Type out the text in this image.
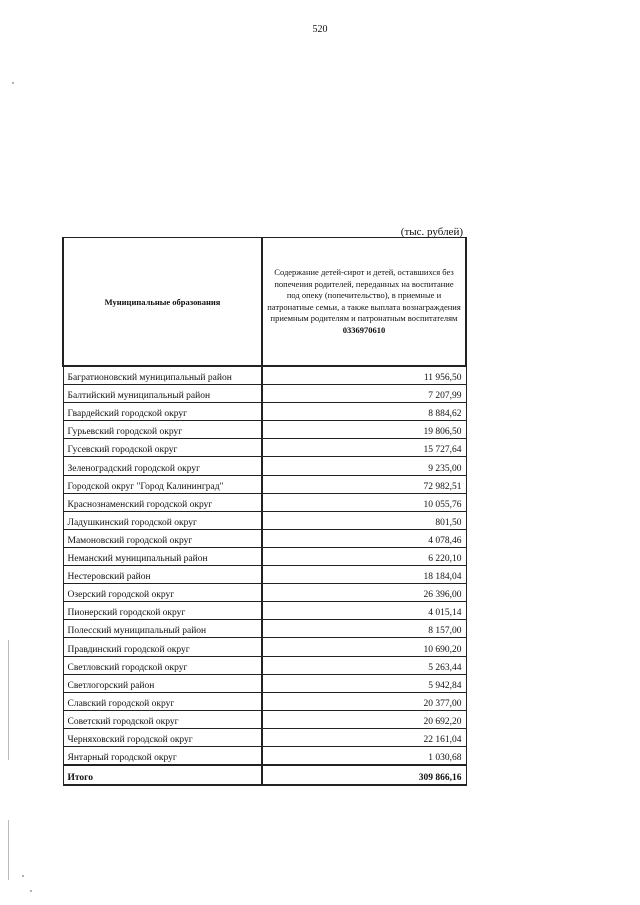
520
(тыс. рублей)
Муниципальные образования	Содержание детей-сирот и детей, оставшихся без попечения родителей, переданных на воспитание под опеку (попечительство), в приемные и патронатные семьи, а также выплата вознаграждения приемным родителям и патронатным воспитателям
0336970610

Багратионовский муниципальный район	11 956,50
Балтийский муниципальный район	7 207,99
Гвардейский городской округ	8 884,62
Гурьевский городской округ	19 806,50
Гусевский городской округ	15 727,64
Зеленоградский городской округ	9 235,00
Городской округ "Город Калининград"	72 982,51
Краснознаменский городской округ	10 055,76
Ладушкинский городской округ	801,50
Мамоновский городской округ	4 078,46
Неманский муниципальный район	6 220,10
Нестеровский район	18 184,04
Озерский городской округ	26 396,00
Пионерский городской округ	4 015,14
Полесский муниципальный район	8 157,00
Правдинский городской округ	10 690,20
Светловский городской округ	5 263,44
Светлогорский район	5 942,84
Славский городской округ	20 377,00
Советский городской округ	20 692,20
Черняховский городской округ	22 161,04
Янтарный городской округ	1 030,68
Итого	309 866,16
